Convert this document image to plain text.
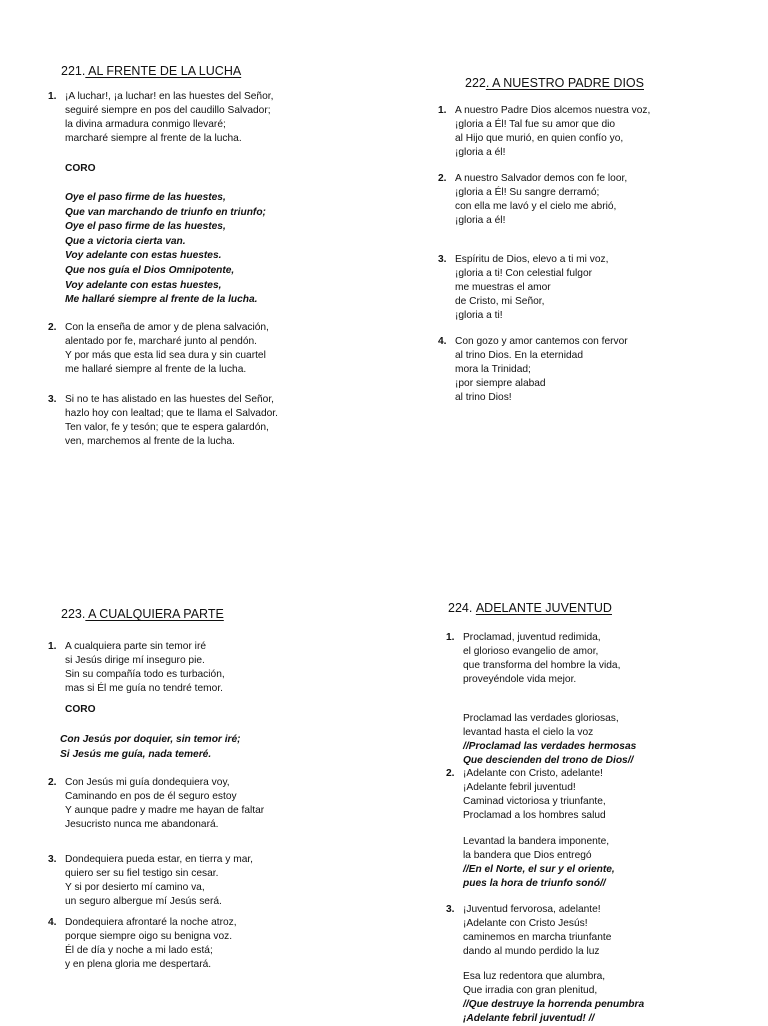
221. AL FRENTE DE LA LUCHA
1. ¡A luchar!, ¡a luchar! en las huestes del Señor,
seguiré siempre en pos del caudillo Salvador;
la divina armadura conmigo llevaré;
marcharé siempre al frente de la lucha.
CORO
Oye el paso firme de las huestes,
Que van marchando de triunfo en triunfo;
Oye el paso firme de las huestes,
Que a victoria cierta van.
Voy adelante con estas huestes.
Que nos guía el Dios Omnipotente,
Voy adelante con estas huestes,
Me hallaré siempre al frente de la lucha.
2. Con la enseña de amor y de plena salvación,
alentado por fe, marcharé junto al pendón.
Y por más que esta lid sea dura y sin cuartel
me hallaré siempre al frente de la lucha.
3. Si no te has alistado en las huestes del Señor,
hazlo hoy con lealtad; que te llama el Salvador.
Ten valor, fe y tesón; que te espera galardón,
ven, marchemos al frente de la lucha.
222. A NUESTRO PADRE DIOS
1. A nuestro Padre Dios alcemos nuestra voz,
¡gloria a Él! Tal fue su amor que dio
al Hijo que murió, en quien confío yo,
¡gloria a él!
2. A nuestro Salvador demos con fe loor,
¡gloria a Él! Su sangre derramó;
con ella me lavó y el cielo me abrió,
¡gloria a él!
3. Espíritu de Dios, elevo a ti mi voz,
¡gloria a ti! Con celestial fulgor
me muestras el amor
de Cristo, mi Señor,
¡gloria a ti!
4. Con gozo y amor cantemos con fervor
al trino Dios. En la eternidad
mora la Trinidad;
¡por siempre alabad
al trino Dios!
223. A CUALQUIERA PARTE
1. A cualquiera parte sin temor iré
si Jesús dirige mí inseguro pie.
Sin su compañía todo es turbación,
mas si Él me guía no tendré temor.
CORO
Con Jesús por doquier, sin temor iré;
Si Jesús me guía, nada temeré.
2. Con Jesús mi guía dondequiera voy,
Caminando en pos de él seguro estoy
Y aunque padre y madre me hayan de faltar
Jesucristo nunca me abandonará.
3. Dondequiera pueda estar, en tierra y mar,
quiero ser su fiel testigo sin cesar.
Y si por desierto mí camino va,
un seguro albergue mí Jesús será.
4. Dondequiera afrontaré la noche atroz,
porque siempre oigo su benigna voz.
Él de día y noche a mi lado está;
y en plena gloria me despertará.
224. ADELANTE JUVENTUD
1. Proclamad, juventud redimida,
el glorioso evangelio de amor,
que transforma del hombre la vida,
proveyéndole vida mejor.
Proclamad las verdades gloriosas,
levantad hasta el cielo la voz
//Proclamad las verdades hermosas
Que descienden del trono de Dios//
2. ¡Adelante con Cristo, adelante!
¡Adelante febril juventud!
Caminad victoriosa y triunfante,
Proclamad a los hombres salud
Levantad la bandera imponente,
la bandera que Dios entregó
//En el Norte, el sur y el oriente,
pues la hora de triunfo sonó//
3. ¡Juventud fervorosa, adelante!
¡Adelante con Cristo Jesús!
caminemos en marcha triunfante
dando al mundo perdido la luz
Esa luz redentora que alumbra,
Que irradia con gran plenitud,
//Que destruye la horrenda penumbra
¡Adelante febril juventud! //
